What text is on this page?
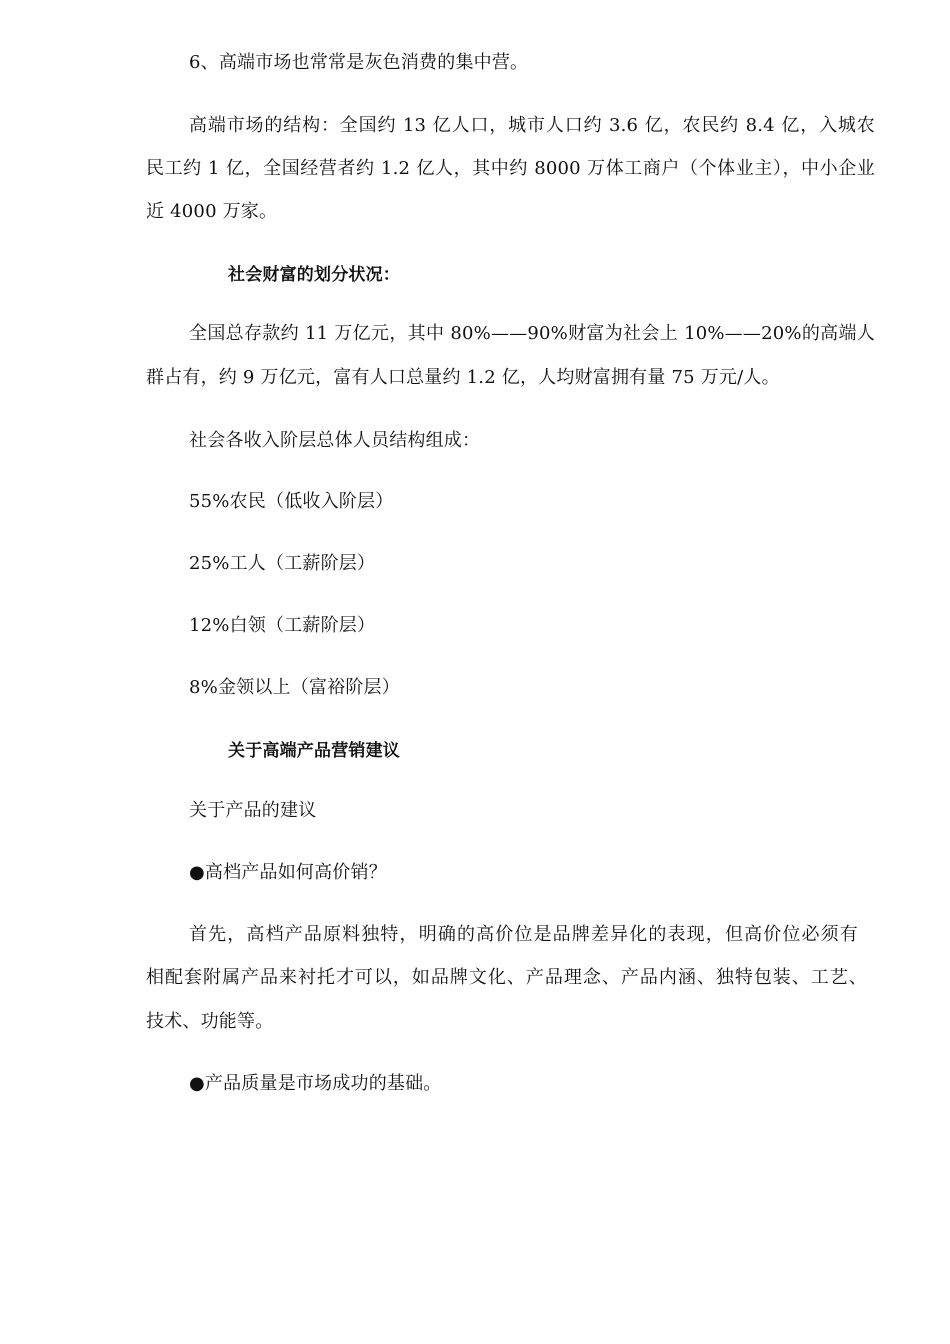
6、高端市场也常常是灰色消费的集中营。
高端市场的结构：全国约 13 亿人口，城市人口约 3.6 亿，农民约 8.4 亿，入城农
民工约 1 亿，全国经营者约 1.2 亿人，其中约 8000 万体工商户（个体业主），中小企业
近 4000 万家。
社会财富的划分状况：
全国总存款约 11 万亿元，其中 80%——90%财富为社会上 10%——20%的高端人
群占有，约 9 万亿元，富有人口总量约 1.2 亿，人均财富拥有量 75 万元/人。
社会各收入阶层总体人员结构组成：
55%农民（低收入阶层）
25%工人（工薪阶层）
12%白领（工薪阶层）
8%金领以上（富裕阶层）
关于高端产品营销建议
关于产品的建议
●高档产品如何高价销？
首先，高档产品原料独特，明确的高价位是品牌差异化的表现，但高价位必须有
相配套附属产品来衬托才可以，如品牌文化、产品理念、产品内涵、独特包装、工艺、
技术、功能等。
●产品质量是市场成功的基础。
